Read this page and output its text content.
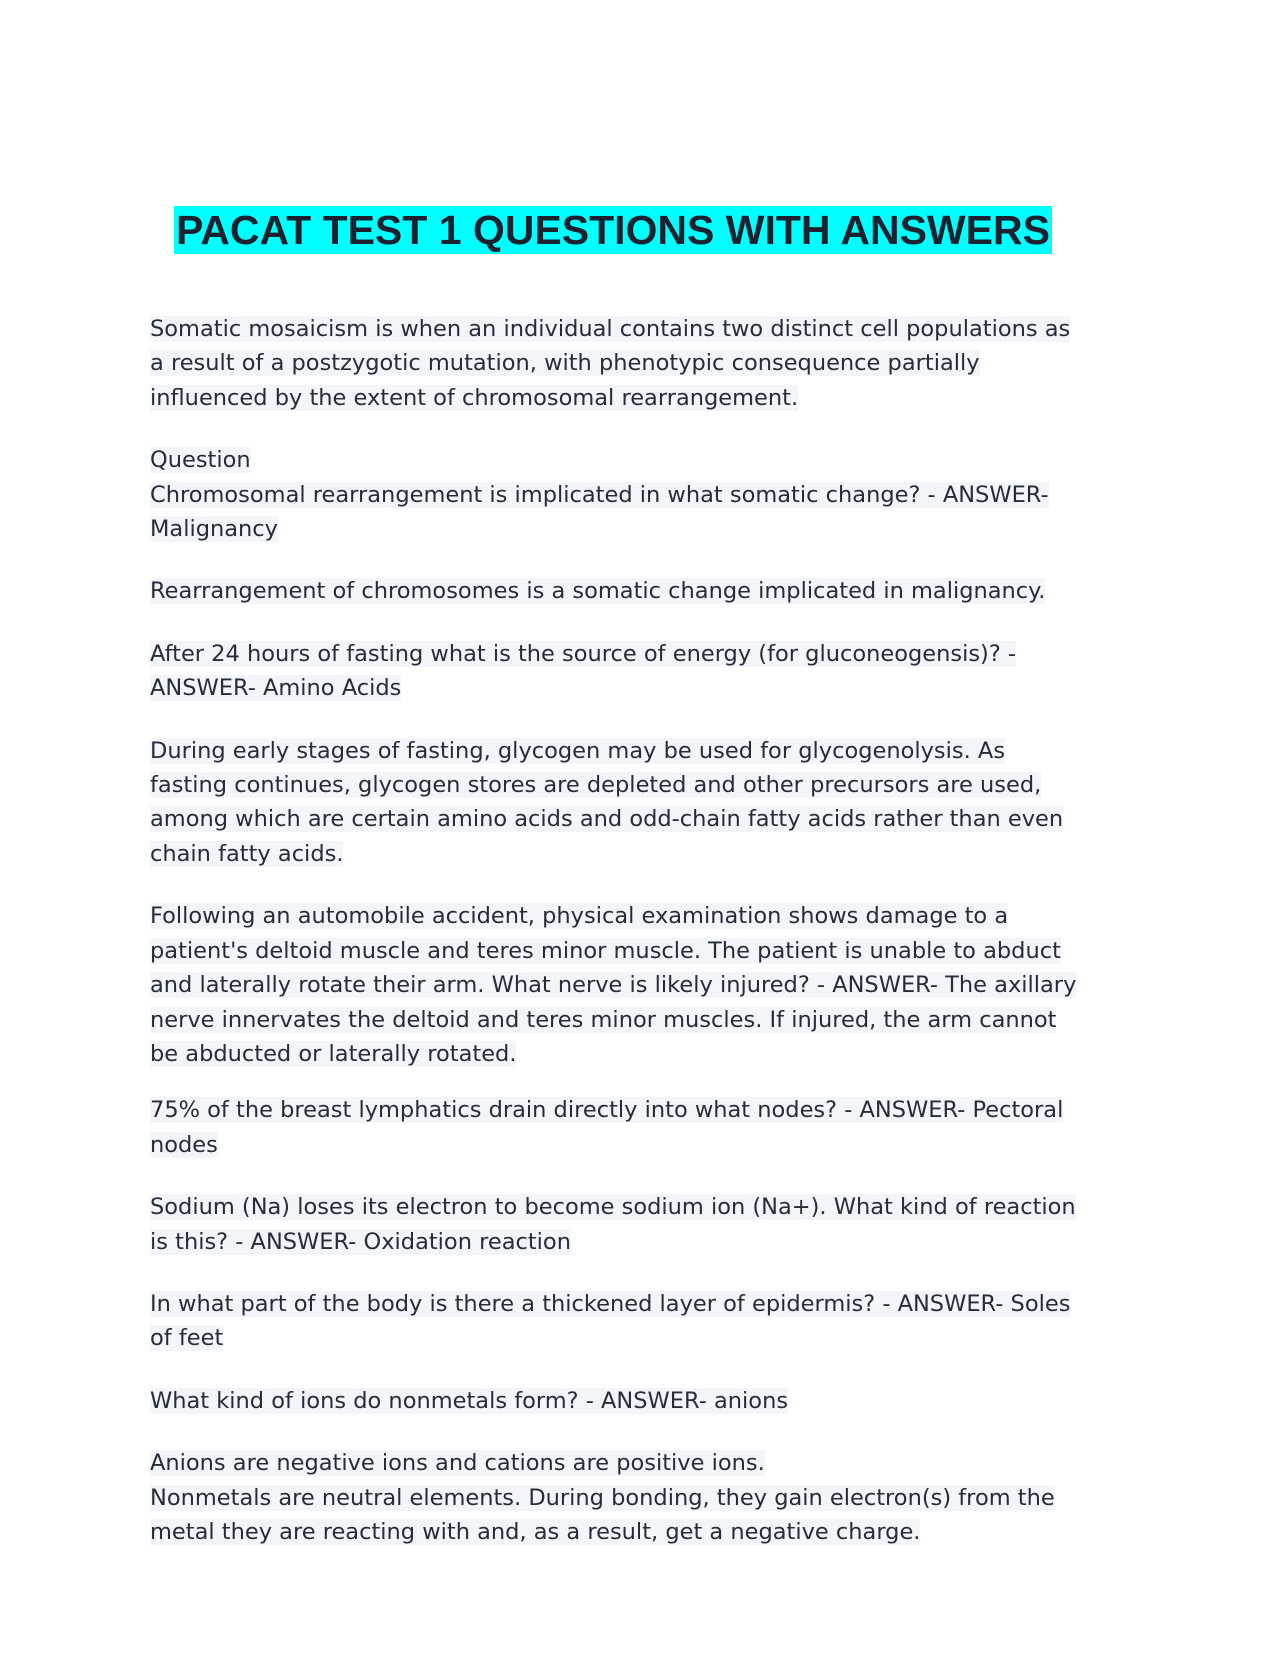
PACAT TEST 1 QUESTIONS WITH ANSWERS
Somatic mosaicism is when an individual contains two distinct cell populations as
a result of a postzygotic mutation, with phenotypic consequence partially
influenced by the extent of chromosomal rearrangement.
Question
Chromosomal rearrangement is implicated in what somatic change? - ANSWER-
Malignancy
Rearrangement of chromosomes is a somatic change implicated in malignancy.
After 24 hours of fasting what is the source of energy (for gluconeogensis)? -
ANSWER- Amino Acids
During early stages of fasting, glycogen may be used for glycogenolysis. As
fasting continues, glycogen stores are depleted and other precursors are used,
among which are certain amino acids and odd-chain fatty acids rather than even
chain fatty acids.
Following an automobile accident, physical examination shows damage to a
patient's deltoid muscle and teres minor muscle. The patient is unable to abduct
and laterally rotate their arm. What nerve is likely injured? - ANSWER- The axillary
nerve innervates the deltoid and teres minor muscles. If injured, the arm cannot
be abducted or laterally rotated.
75% of the breast lymphatics drain directly into what nodes? - ANSWER- Pectoral
nodes
Sodium (Na) loses its electron to become sodium ion (Na+). What kind of reaction
is this? - ANSWER- Oxidation reaction
In what part of the body is there a thickened layer of epidermis? - ANSWER- Soles
of feet
What kind of ions do nonmetals form? - ANSWER- anions
Anions are negative ions and cations are positive ions.
Nonmetals are neutral elements. During bonding, they gain electron(s) from the
metal they are reacting with and, as a result, get a negative charge.
